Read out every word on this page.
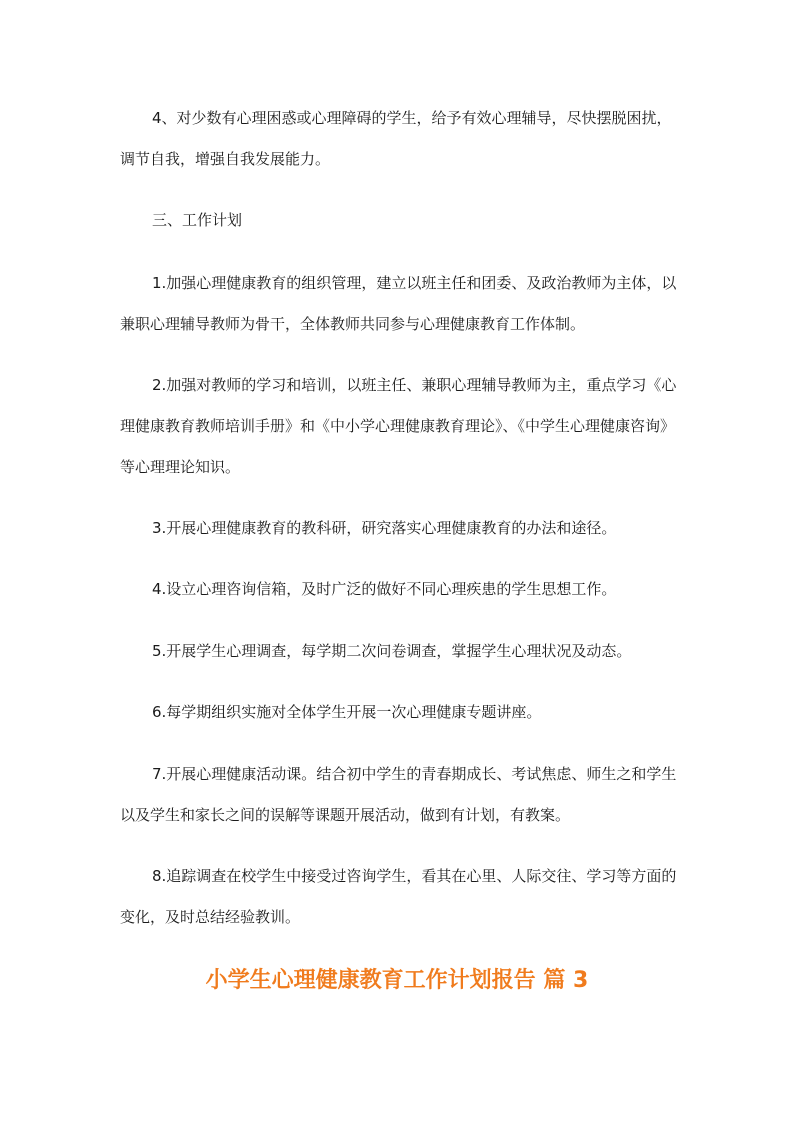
4、对少数有心理困惑或心理障碍的学生，给予有效心理辅导，尽快摆脱困扰，调节自我，增强自我发展能力。

三、工作计划

1.加强心理健康教育的组织管理，建立以班主任和团委、及政治教师为主体，以兼职心理辅导教师为骨干，全体教师共同参与心理健康教育工作体制。

2.加强对教师的学习和培训，以班主任、兼职心理辅导教师为主，重点学习《心理健康教育教师培训手册》和《中小学心理健康教育理论》、《中学生心理健康咨询》等心理理论知识。

3.开展心理健康教育的教科研，研究落实心理健康教育的办法和途径。

4.设立心理咨询信箱，及时广泛的做好不同心理疾患的学生思想工作。

5.开展学生心理调查，每学期二次问卷调查，掌握学生心理状况及动态。

6.每学期组织实施对全体学生开展一次心理健康专题讲座。

7.开展心理健康活动课。结合初中学生的青春期成长、考试焦虑、师生之和学生以及学生和家长之间的误解等课题开展活动，做到有计划，有教案。

8.追踪调查在校学生中接受过咨询学生，看其在心里、人际交往、学习等方面的变化，及时总结经验教训。

小学生心理健康教育工作计划报告 篇 3
